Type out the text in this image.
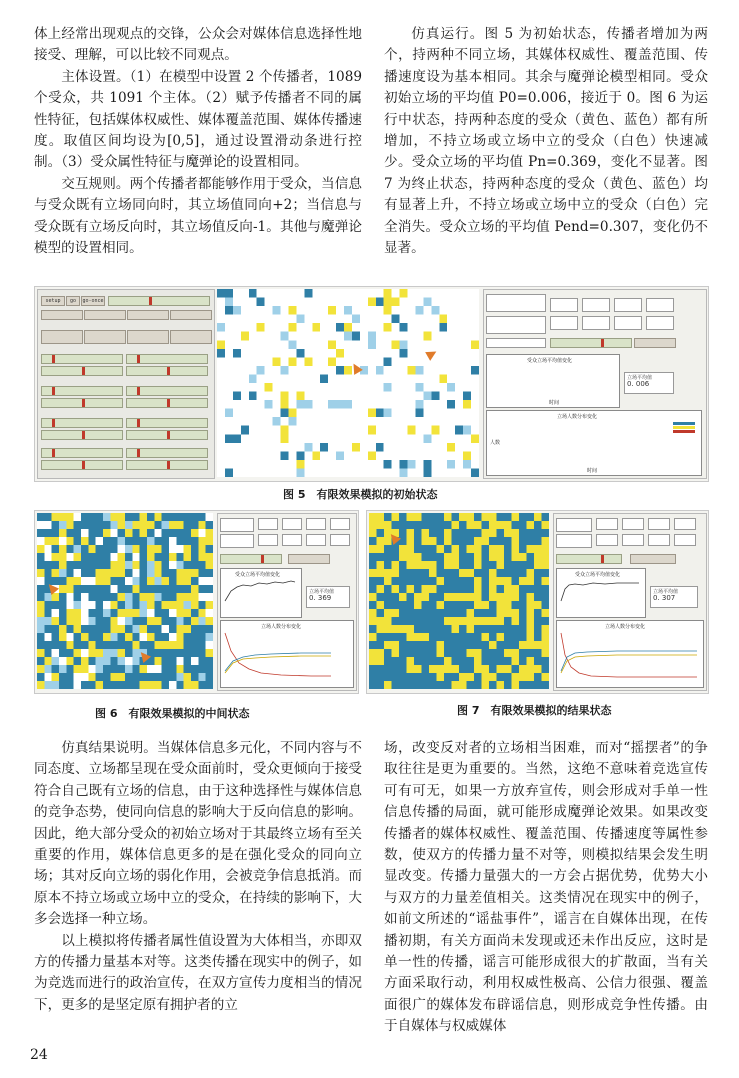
体上经常出现观点的交锋，公众会对媒体信息选择性地接受、理解，可以比较不同观点。

主体设置。（1）在模型中设置 2 个传播者，1089 个受众，共 1091 个主体。（2）赋予传播者不同的属性特征，包括媒体权威性、媒体覆盖范围、媒体传播速度。取值区间均设为[0,5]，通过设置滑动条进行控制。（3）受众属性特征与魔弹论的设置相同。

交互规则。两个传播者都能够作用于受众，当信息与受众既有立场同向时，其立场值同向+2；当信息与受众既有立场反向时，其立场值反向-1。其他与魔弹论模型的设置相同。

仿真运行。图 5 为初始状态，传播者增加为两个，持两种不同立场，其媒体权威性、覆盖范围、传播速度设为基本相同。其余与魔弹论模型相同。受众初始立场的平均值 P0=0.006，接近于 0。图 6 为运行中状态，持两种态度的受众（黄色、蓝色）都有所增加，不持立场或立场中立的受众（白色）快速减少。受众立场的平均值 Pn=0.369，变化不显著。图 7 为终止状态，持两种态度的受众（黄色、蓝色）均有显著上升，不持立场或立场中立的受众（白色）完全消失。受众立场的平均值 Pend=0.307，变化仍不显著。

setup	go	go-once
受众立场平均值变化
时间
立场平均值
0. 006
立场人数分布变化
人数
时间
图 5　有限效果模拟的初始状态
受众立场平均值变化
立场平均值
0. 369
立场人数分布变化
图 6　有限效果模拟的中间状态
受众立场平均值变化
立场平均值
0. 307
立场人数分布变化
图 7　有限效果模拟的结果状态

仿真结果说明。当媒体信息多元化，不同内容与不同态度、立场都呈现在受众面前时，受众更倾向于接受符合自己既有立场的信息，由于这种选择性与媒体信息的竞争态势，使同向信息的影响大于反向信息的影响。因此，绝大部分受众的初始立场对于其最终立场有至关重要的作用，媒体信息更多的是在强化受众的同向立场；其对反向立场的弱化作用，会被竞争信息抵消。而原本不持立场或立场中立的受众，在持续的影响下，大多会选择一种立场。

以上模拟将传播者属性值设置为大体相当，亦即双方的传播力量基本对等。这类传播在现实中的例子，如为竞选而进行的政治宣传，在双方宣传力度相当的情况下，更多的是坚定原有拥护者的立

场，改变反对者的立场相当困难，而对“摇摆者”的争取往往是更为重要的。当然，这绝不意味着竞选宣传可有可无，如果一方放弃宣传，则会形成对手单一性信息传播的局面，就可能形成魔弹论效果。如果改变传播者的媒体权威性、覆盖范围、传播速度等属性参数，使双方的传播力量不对等，则模拟结果会发生明显改变。传播力量强大的一方会占据优势，优势大小与双方的力量差值相关。这类情况在现实中的例子，如前文所述的“谣盐事件”，谣言在自媒体出现，在传播初期，有关方面尚未发现或还未作出反应，这时是单一性的传播，谣言可能形成很大的扩散面，当有关方面采取行动，利用权威性极高、公信力很强、覆盖面很广的媒体发布辟谣信息，则形成竞争性传播。由于自媒体与权威媒体

24
